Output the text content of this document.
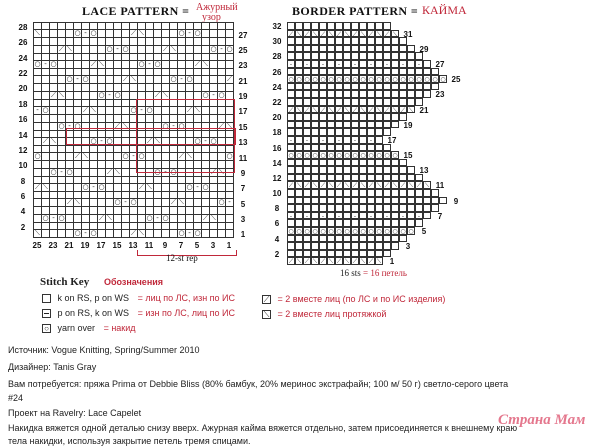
LACE PATTERN = Ажурный
узор
⟍	○ - ○	⟋ ⟍	○ - ○
⟋ ⟍	○ - ○	⟋ ⟍	○ - ○
○ - ○	⟋ ⟍	○ - ○	⟋ ⟍
○ - ○	⟋ ⟍	○ - ○	⟋
⟋ ⟍	○ - ○	⟋ ⟍	○ - ○
- ○	⟋ ⟍	○ - ○	⟋ ⟍
○ - ○	⟋ ⟍	○ - ○	⟋ ⟍
⟋ ⟍	○ - ○	⟋ ⟍	○ - ○
○	⟋ ⟍	○ - ○	⟋ ⟍	○
○ - ○	⟋ ⟍	○ - ○	⟋ ⟍
⟋ ⟍	○ - ○	⟋ ⟍	○ - ○
⟋ ⟍	○ - ○	⟋ ⟍	○ -
○ - ○	⟋ ⟍	○ - ○	⟋ ⟍
⟍	○ - ○	⟋ ⟍	○ - ○
28
26
24
22
20
18
16
14
12
10
8
6
4
2
27
25
23
21
19
17
15
13
11
9
7
5
3
1
25 23 21 19 17 15 13 11	9	7	5	3	1
12-st rep
BORDER PATTERN = КАЙМА
⟋ ⟍ ⟋ ⟍ ⟋ ⟍ ⟋ ⟍ ⟋ ⟍ ⟋ ⟍ ⟋ ⟍
-	-	-	-	-	-	-	-	-
○ ○ ○ ○ ○ ○ ○ ○ ○ ○ ○ ○ ○ ○ ○ ○ ○ ○ ○ ○
⟋ ⟍ ⟋ ⟍ ⟋ ⟍ ⟋ ⟍ ⟋ ⟍ ⟋ ⟍ ⟋ ⟍ ⟋ ⟍
-	-	-	-	-	-
○ ○ ○ ○ ○ ○ ○ ○ ○ ○ ○ ○ ○ ○
⟋ ⟍ ⟋ ⟍ ⟋ ⟍ ⟋ ⟍ ⟋ ⟍ ⟋ ⟍ ⟋ ⟍ ⟋ ⟍ ⟋ ⟍
-	-	-	-	-	-	-	-	-
○ ○ ○ ○ ○ ○ ○ ○ ○ ○ ○ ○ ○ ○ ○ ○
⟋ ⟍ ⟋ ⟍ ⟋ ⟍ ⟋ ⟍ ⟋ ⟍ ⟋ ⟍
32
30
28
26
24
22
20
18
16
14
12
10
8
6
4
2
31
29
27
25
23
21
19
17
15
13
11
9
7
5
3
1
16 sts = 16 петель
Stitch Key Обозначения
k on RS, p on WS = лиц по ЛС, изн по ИС
p on RS, k on WS = изн по ЛС, лиц по ИС
○ yarn over = накид
⟋ = 2 вместе лиц (по ЛС и по ИС изделия)
⟍ = 2 вместе лиц протяжкой
Источник: Vogue Knitting, Spring/Summer 2010
Дизайнер: Tanis Gray
Вам потребуется: пряжа Prima от Debbie Bliss (80% бамбук, 20% меринос экстрафайн; 100 м/ 50 г) светло-серого цвета
#24
Проект на Ravelry: Lace Capelet
Накидка вяжется одной деталью снизу вверх. Ажурная кайма вяжется отдельно, затем присоединяется к внешнему краю
тела накидки, используя закрытие петель тремя спицами.
Страна Мам
